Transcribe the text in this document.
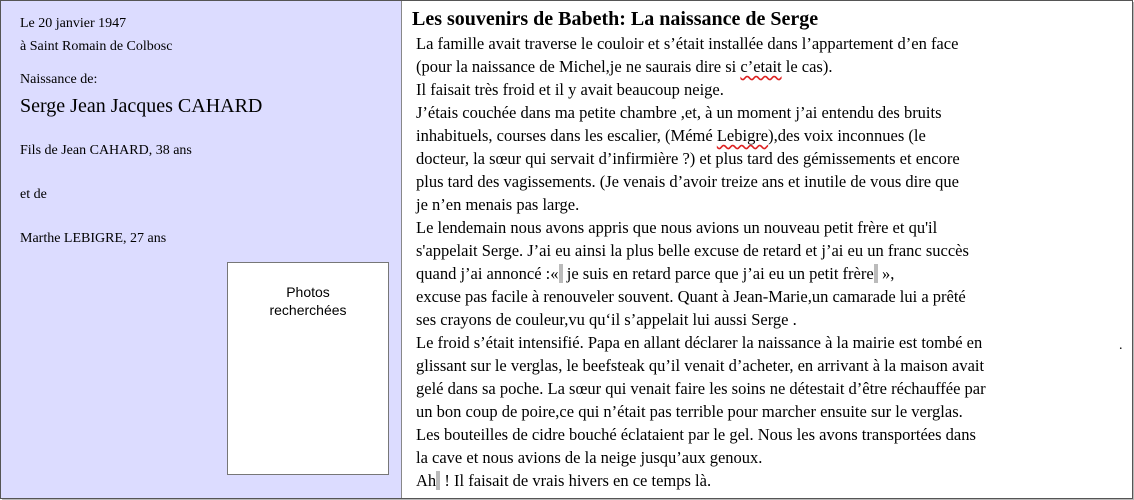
Le 20 janvier 1947
à Saint Romain de Colbosc
Naissance de:
Serge Jean Jacques CAHARD
Fils de Jean CAHARD, 38 ans
et de
Marthe LEBIGRE, 27 ans
Photos
recherchées
Les souvenirs de Babeth: La naissance de Serge
La famille avait traverse le couloir et s’était installée dans l’appartement d’en face
(pour la naissance de Michel,je ne saurais dire si c’etait le cas).
Il faisait très froid et il y avait beaucoup neige.
J’étais couchée dans ma petite chambre ,et, à un moment j’ai entendu des bruits
inhabituels, courses dans les escalier, (Mémé Lebigre),des voix inconnues (le
docteur, la sœur qui servait d’infirmière ?) et plus tard des gémissements et encore
plus tard des vagissements. (Je venais d’avoir treize ans et inutile de vous dire que
je n’en menais pas large.
Le lendemain nous avons appris que nous avions un nouveau petit frère et qu'il
s'appelait Serge. J’ai eu ainsi la plus belle excuse de retard et j’ai eu un franc succès
quand j’ai annoncé :«  je suis en retard parce que j’ai eu un petit frère  »,
excuse pas facile à renouveler souvent. Quant à Jean-Marie,un camarade lui a prêté
ses crayons de couleur,vu qu‘il s’appelait lui aussi Serge .
Le froid s’était intensifié. Papa en allant déclarer la naissance à la mairie est tombé en
glissant sur le verglas, le beefsteak qu’il venait d’acheter, en arrivant à la maison avait
gelé dans sa poche. La sœur qui venait faire les soins ne détestait d’être réchauffée par
un bon coup de poire,ce qui n’était pas terrible pour marcher ensuite sur le verglas.
Les bouteilles de cidre bouché éclataient par le gel. Nous les avons transportées dans
la cave et nous avions de la neige jusqu’aux genoux.
Ah  ! Il faisait de vrais hivers en ce temps là.
.
